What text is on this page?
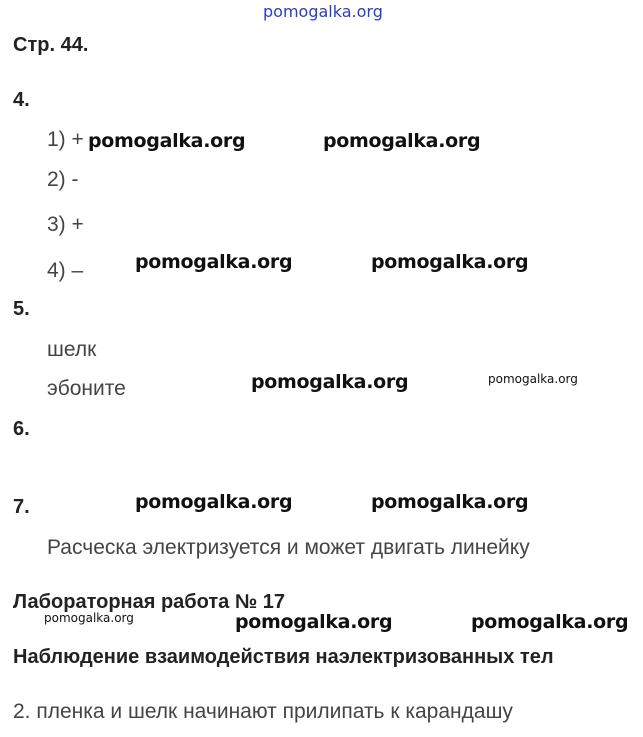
pomogalka.org
Стр. 44.
4.
1) +
2) -
3) +
4) –
5.
шелк
эбоните
6.
7.
Расческа электризуется и может двигать линейку
Лабораторная работа № 17
Наблюдение взаимодействия наэлектризованных тел
2. пленка и шелк начинают прилипать к карандашу
pomogalka.org	pomogalka.org
pomogalka.org	pomogalka.org
pomogalka.org	pomogalka.org
pomogalka.org	pomogalka.org
pomogalka.org	pomogalka.org	pomogalka.org
